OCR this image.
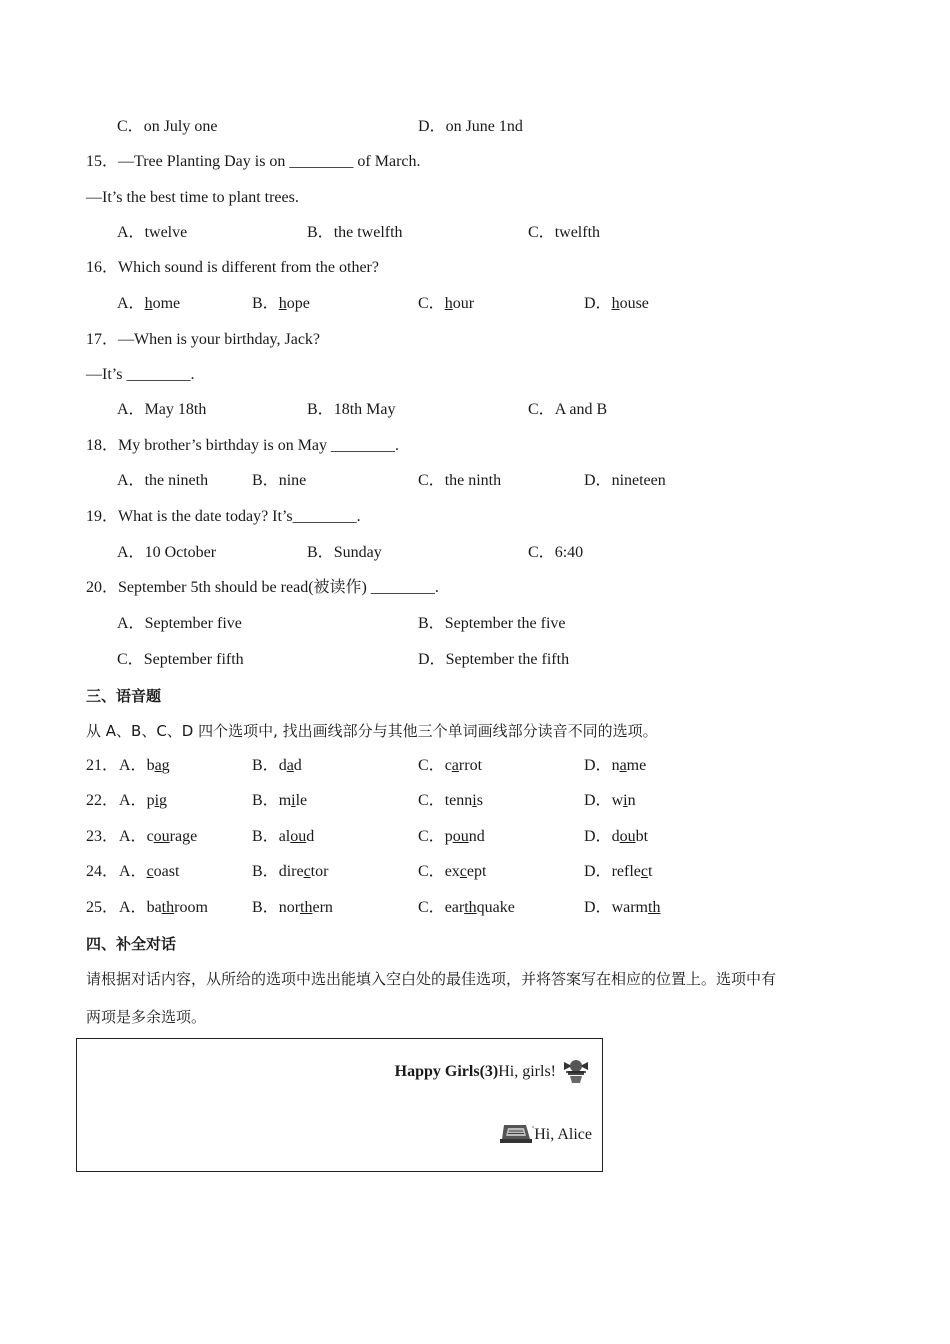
C．on July one	D．on June 1nd
15．—Tree Planting Day is on ________ of March.
—It’s the best time to plant trees.
A．twelve	B．the twelfth	C．twelfth
16．Which sound is different from the other?
A．home	B．hope	C．hour	D．house
17．—When is your birthday, Jack?
—It’s ________.
A．May 18th	B．18th May	C．A and B
18．My brother’s birthday is on May ________.
A．the nineth	B．nine	C．the ninth	D．nineteen
19．What is the date today? It’s________.
A．10 October	B．Sunday	C．6:40
20．September 5th should be read(被读作) ________.
A．September five	B．September the five
C．September fifth	D．September the fifth
三、语音题
从 A、B、C、D 四个选项中, 找出画线部分与其他三个单词画线部分读音不同的选项。
21． A．bag	B．dad	C．carrot	D．name
22． A．pig	B．mile	C．tennis	D．win
23． A．courage	B．aloud	C．pound	D．doubt
24． A．coast	B．director	C．except	D．reflect
25． A．bathroom	B．northern	C．earthquake	D．warmth
四、补全对话
请根据对话内容，从所给的选项中选出能填入空白处的最佳选项，并将答案写在相应的位置上。选项中有
两项是多余选项。
Happy Girls(3)Hi, girls!
Hi, Alice
